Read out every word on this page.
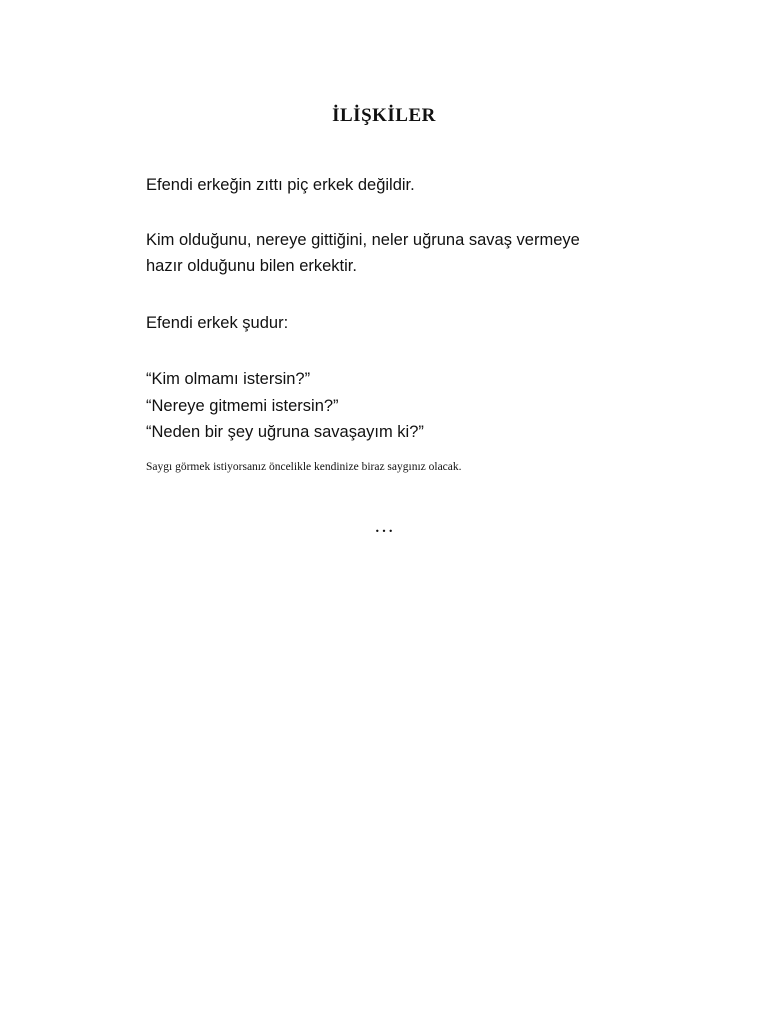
İLİŞKİLER

Efendi erkeğin zıttı piç erkek değildir.

Kim olduğunu, nereye gittiğini, neler uğruna savaş vermeye
hazır olduğunu bilen erkektir.

Efendi erkek şudur:

“Kim olmamı istersin?”
“Nereye gitmemi istersin?”
“Neden bir şey uğruna savaşayım ki?”
Saygı görmek istiyorsanız öncelikle kendinize biraz saygınız olacak.
…
